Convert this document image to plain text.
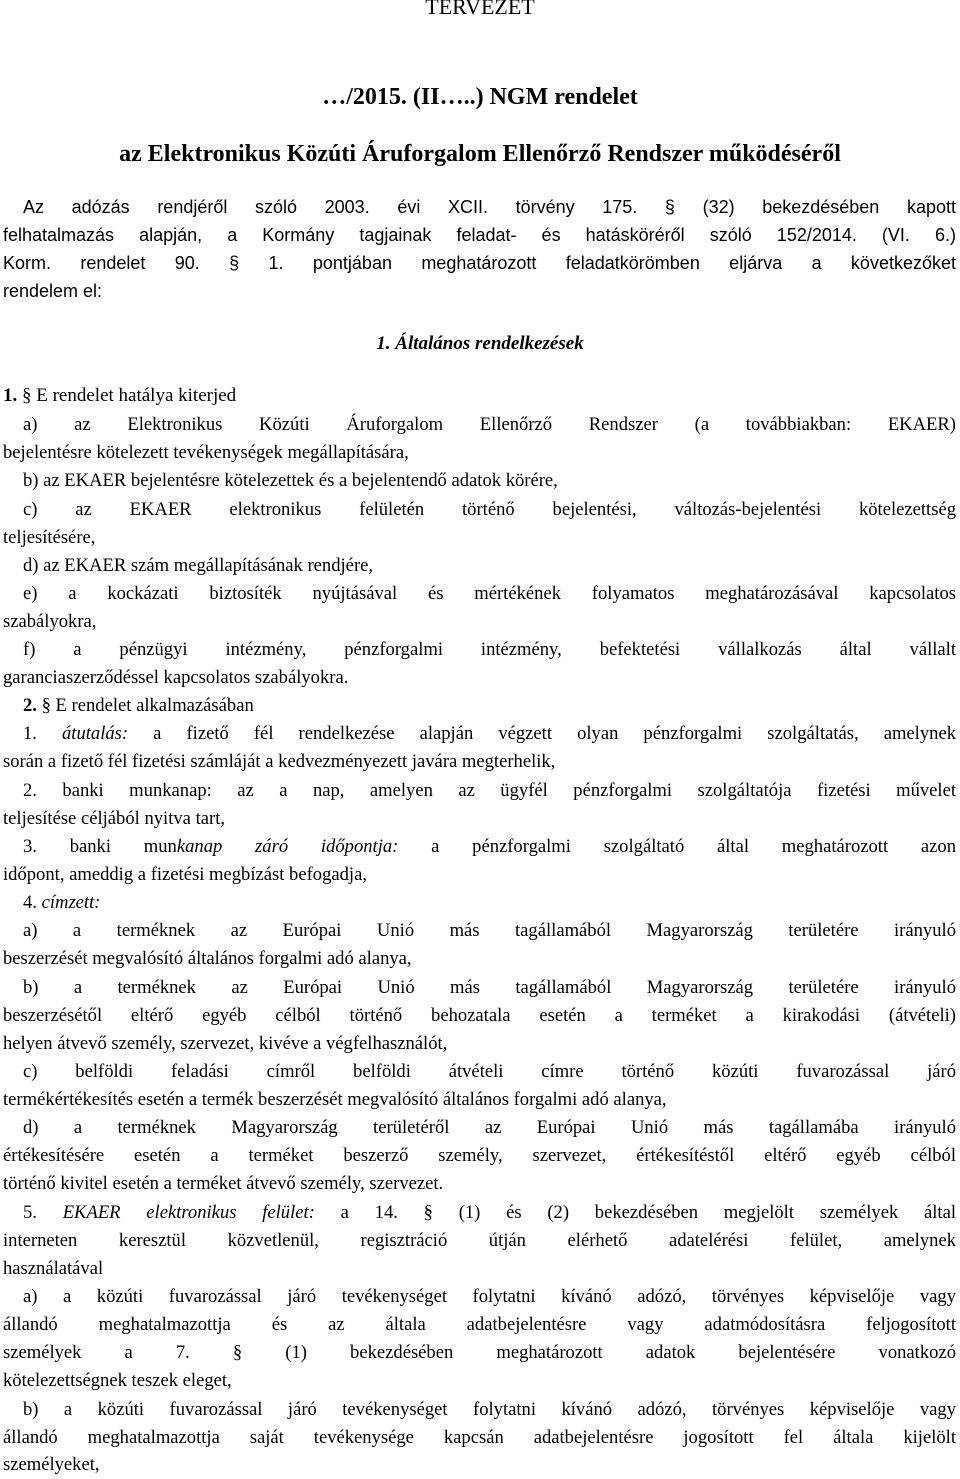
TERVEZET
…/2015. (II…..) NGM rendelet
az Elektronikus Közúti Áruforgalom Ellenőrző Rendszer működéséről
Az adózás rendjéről szóló 2003. évi XCII. törvény 175. § (32) bekezdésében kapott
felhatalmazás alapján, a Kormány tagjainak feladat- és hatásköréről szóló 152/2014. (VI. 6.)
Korm. rendelet 90. § 1. pontjában meghatározott feladatkörömben eljárva a következőket
rendelem el:
1. Általános rendelkezések
1. § E rendelet hatálya kiterjed
a) az Elektronikus Közúti Áruforgalom Ellenőrző Rendszer (a továbbiakban: EKAER)
bejelentésre kötelezett tevékenységek megállapítására,
b) az EKAER bejelentésre kötelezettek és a bejelentendő adatok körére,
c) az EKAER elektronikus felületén történő bejelentési, változás-bejelentési kötelezettség
teljesítésére,
d) az EKAER szám megállapításának rendjére,
e) a kockázati biztosíték nyújtásával és mértékének folyamatos meghatározásával kapcsolatos
szabályokra,
f) a pénzügyi intézmény, pénzforgalmi intézmény, befektetési vállalkozás által vállalt
garanciaszerződéssel kapcsolatos szabályokra.
2. § E rendelet alkalmazásában
1. átutalás: a fizető fél rendelkezése alapján végzett olyan pénzforgalmi szolgáltatás, amelynek
során a fizető fél fizetési számláját a kedvezményezett javára megterhelik,
2. banki munkanap: az a nap, amelyen az ügyfél pénzforgalmi szolgáltatója fizetési művelet
teljesítése céljából nyitva tart,
3. banki munkanap záró időpontja: a pénzforgalmi szolgáltató által meghatározott azon
időpont, ameddig a fizetési megbízást befogadja,
4. címzett:
a) a terméknek az Európai Unió más tagállamából Magyarország területére irányuló
beszerzését megvalósító általános forgalmi adó alanya,
b) a terméknek az Európai Unió más tagállamából Magyarország területére irányuló
beszerzésétől eltérő egyéb célból történő behozatala esetén a terméket a kirakodási (átvételi)
helyen átvevő személy, szervezet, kivéve a végfelhasználót,
c) belföldi feladási címről belföldi átvételi címre történő közúti fuvarozással járó
termékértékesítés esetén a termék beszerzését megvalósító általános forgalmi adó alanya,
d) a terméknek Magyarország területéről az Európai Unió más tagállamába irányuló
értékesítésére esetén a terméket beszerző személy, szervezet, értékesítéstől eltérő egyéb célból
történő kivitel esetén a terméket átvevő személy, szervezet.
5. EKAER elektronikus felület: a 14. § (1) és (2) bekezdésében megjelölt személyek által
interneten keresztül közvetlenül, regisztráció útján elérhető adatelérési felület, amelynek
használatával
a) a közúti fuvarozással járó tevékenységet folytatni kívánó adózó, törvényes képviselője vagy
állandó meghatalmazottja és az általa adatbejelentésre vagy adatmódosításra feljogosított
személyek a 7. § (1) bekezdésében meghatározott adatok bejelentésére vonatkozó
kötelezettségnek teszek eleget,
b) a közúti fuvarozással járó tevékenységet folytatni kívánó adózó, törvényes képviselője vagy
állandó meghatalmazottja saját tevékenysége kapcsán adatbejelentésre jogosított fel általa kijelölt
személyeket,
